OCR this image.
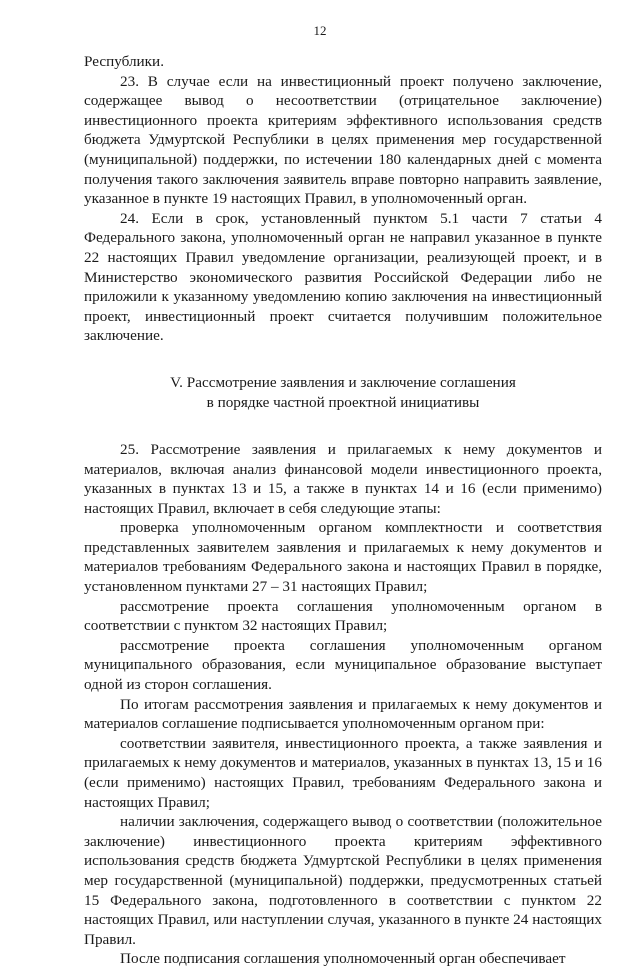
12

Республики.

23. В случае если на инвестиционный проект получено заключение, содержащее вывод о несоответствии (отрицательное заключение) инвестиционного проекта критериям эффективного использования средств бюджета Удмуртской Республики в целях применения мер государственной (муниципальной) поддержки, по истечении 180 календарных дней с момента получения такого заключения заявитель вправе повторно направить заявление, указанное в пункте 19 настоящих Правил, в уполномоченный орган.

24. Если в срок, установленный пунктом 5.1 части 7 статьи 4 Федерального закона, уполномоченный орган не направил указанное в пункте 22 настоящих Правил уведомление организации, реализующей проект, и в Министерство экономического развития Российской Федерации либо не приложили к указанному уведомлению копию заключения на инвестиционный проект, инвестиционный проект считается получившим положительное заключение.

V. Рассмотрение заявления и заключение соглашения
в порядке частной проектной инициативы

25. Рассмотрение заявления и прилагаемых к нему документов и материалов, включая анализ финансовой модели инвестиционного проекта, указанных в пунктах 13 и 15, а также в пунктах 14 и 16 (если применимо) настоящих Правил, включает в себя следующие этапы:

проверка уполномоченным органом комплектности и соответствия представленных заявителем заявления и прилагаемых к нему документов и материалов требованиям Федерального закона и настоящих Правил в порядке, установленном пунктами 27 – 31 настоящих Правил;

рассмотрение проекта соглашения уполномоченным органом в соответствии с пунктом 32 настоящих Правил;

рассмотрение проекта соглашения уполномоченным органом муниципального образования, если муниципальное образование выступает одной из сторон соглашения.

По итогам рассмотрения заявления и прилагаемых к нему документов и материалов соглашение подписывается уполномоченным органом при:

соответствии заявителя, инвестиционного проекта, а также заявления и прилагаемых к нему документов и материалов, указанных в пунктах 13, 15 и 16 (если применимо) настоящих Правил, требованиям Федерального закона и настоящих Правил;

наличии заключения, содержащего вывод о соответствии (положительное заключение) инвестиционного проекта критериям эффективного использования средств бюджета Удмуртской Республики в целях применения мер государственной (муниципальной) поддержки, предусмотренных статьей 15 Федерального закона, подготовленного в соответствии с пунктом 22 настоящих Правил, или наступлении случая, указанного в пункте 24 настоящих Правил.

После подписания соглашения уполномоченный орган обеспечивает
